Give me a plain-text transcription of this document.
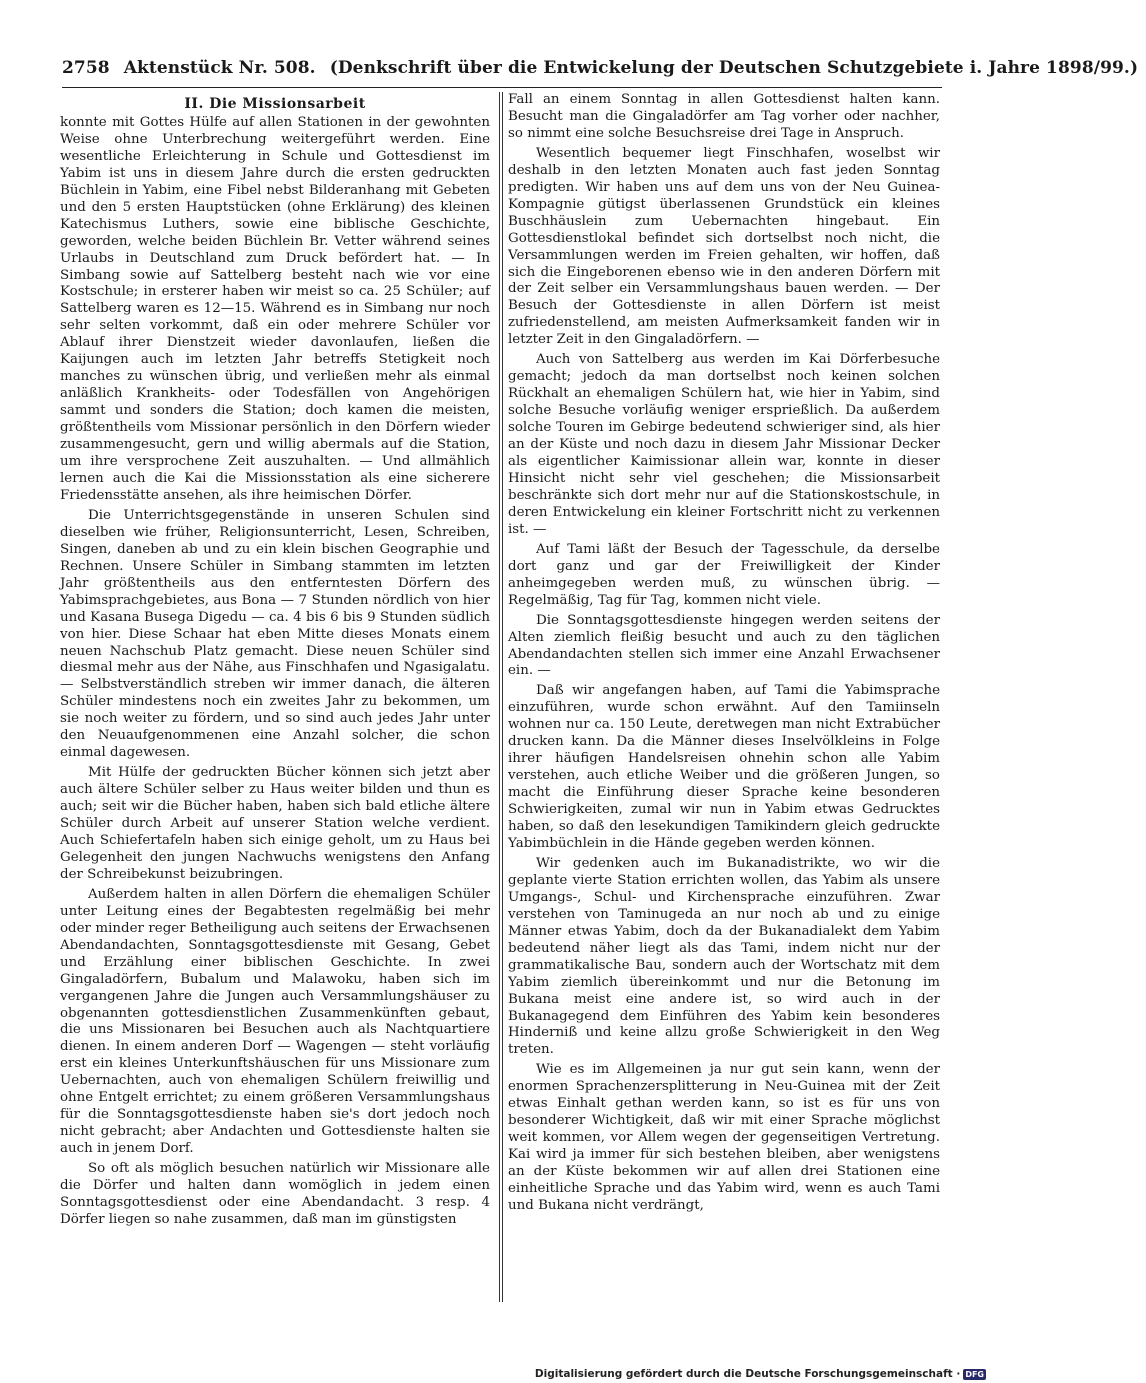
2758 Aktenstück Nr. 508. (Denkschrift über die Entwickelung der Deutschen Schutzgebiete i. Jahre 1898/99.)
II. Die Missionsarbeit

konnte mit Gottes Hülfe auf allen Stationen in der gewohnten Weise ohne Unterbrechung weitergeführt werden. Eine wesentliche Erleichterung in Schule und Gottesdienst im Yabim ist uns in diesem Jahre durch die ersten gedruckten Büchlein in Yabim, eine Fibel nebst Bilderanhang mit Gebeten und den 5 ersten Hauptstücken (ohne Erklärung) des kleinen Katechismus Luthers, sowie eine biblische Geschichte, geworden, welche beiden Büchlein Br. Vetter während seines Urlaubs in Deutschland zum Druck befördert hat. — In Simbang sowie auf Sattelberg besteht nach wie vor eine Kostschule; in ersterer haben wir meist so ca. 25 Schüler; auf Sattelberg waren es 12—15. Während es in Simbang nur noch sehr selten vorkommt, daß ein oder mehrere Schüler vor Ablauf ihrer Dienstzeit wieder davonlaufen, ließen die Kaijungen auch im letzten Jahr betreffs Stetigkeit noch manches zu wünschen übrig, und verließen mehr als einmal anläßlich Krankheits- oder Todesfällen von Angehörigen sammt und sonders die Station; doch kamen die meisten, größtentheils vom Missionar persönlich in den Dörfern wieder zusammengesucht, gern und willig abermals auf die Station, um ihre versprochene Zeit auszuhalten. — Und allmählich lernen auch die Kai die Missionsstation als eine sicherere Friedensstätte ansehen, als ihre heimischen Dörfer.

Die Unterrichtsgegenstände in unseren Schulen sind dieselben wie früher, Religionsunterricht, Lesen, Schreiben, Singen, daneben ab und zu ein klein bischen Geographie und Rechnen. Unsere Schüler in Simbang stammten im letzten Jahr größtentheils aus den entferntesten Dörfern des Yabimsprachgebietes, aus Bona — 7 Stunden nördlich von hier und Kasana Busega Digedu — ca. 4 bis 6 bis 9 Stunden südlich von hier. Diese Schaar hat eben Mitte dieses Monats einem neuen Nachschub Platz gemacht. Diese neuen Schüler sind diesmal mehr aus der Nähe, aus Finschhafen und Ngasigalatu. — Selbstverständlich streben wir immer danach, die älteren Schüler mindestens noch ein zweites Jahr zu bekommen, um sie noch weiter zu fördern, und so sind auch jedes Jahr unter den Neuaufgenommenen eine Anzahl solcher, die schon einmal dagewesen.

Mit Hülfe der gedruckten Bücher können sich jetzt aber auch ältere Schüler selber zu Haus weiter bilden und thun es auch; seit wir die Bücher haben, haben sich bald etliche ältere Schüler durch Arbeit auf unserer Station welche verdient. Auch Schiefertafeln haben sich einige geholt, um zu Haus bei Gelegenheit den jungen Nachwuchs wenigstens den Anfang der Schreibekunst beizubringen.

Außerdem halten in allen Dörfern die ehemaligen Schüler unter Leitung eines der Begabtesten regelmäßig bei mehr oder minder reger Betheiligung auch seitens der Erwachsenen Abendandachten, Sonntagsgottesdienste mit Gesang, Gebet und Erzählung einer biblischen Geschichte. In zwei Gingaladörfern, Bubalum und Malawoku, haben sich im vergangenen Jahre die Jungen auch Versammlungshäuser zu obgenannten gottesdienstlichen Zusammenkünften gebaut, die uns Missionaren bei Besuchen auch als Nachtquartiere dienen. In einem anderen Dorf — Wagengen — steht vorläufig erst ein kleines Unterkunftshäuschen für uns Missionare zum Uebernachten, auch von ehemaligen Schülern freiwillig und ohne Entgelt errichtet; zu einem größeren Versammlungshaus für die Sonntagsgottesdienste haben sie's dort jedoch noch nicht gebracht; aber Andachten und Gottesdienste halten sie auch in jenem Dorf.

So oft als möglich besuchen natürlich wir Missionare alle die Dörfer und halten dann womöglich in jedem einen Sonntagsgottesdienst oder eine Abendandacht. 3 resp. 4 Dörfer liegen so nahe zusammen, daß man im günstigsten

Fall an einem Sonntag in allen Gottesdienst halten kann. Besucht man die Gingaladörfer am Tag vorher oder nachher, so nimmt eine solche Besuchsreise drei Tage in Anspruch.

Wesentlich bequemer liegt Finschhafen, woselbst wir deshalb in den letzten Monaten auch fast jeden Sonntag predigten. Wir haben uns auf dem uns von der Neu Guinea-Kompagnie gütigst überlassenen Grundstück ein kleines Buschhäuslein zum Uebernachten hingebaut. Ein Gottesdienstlokal befindet sich dortselbst noch nicht, die Versammlungen werden im Freien gehalten, wir hoffen, daß sich die Eingeborenen ebenso wie in den anderen Dörfern mit der Zeit selber ein Versammlungshaus bauen werden. — Der Besuch der Gottesdienste in allen Dörfern ist meist zufriedenstellend, am meisten Aufmerksamkeit fanden wir in letzter Zeit in den Gingaladörfern. —

Auch von Sattelberg aus werden im Kai Dörferbesuche gemacht; jedoch da man dortselbst noch keinen solchen Rückhalt an ehemaligen Schülern hat, wie hier in Yabim, sind solche Besuche vorläufig weniger ersprießlich. Da außerdem solche Touren im Gebirge bedeutend schwieriger sind, als hier an der Küste und noch dazu in diesem Jahr Missionar Decker als eigentlicher Kaimissionar allein war, konnte in dieser Hinsicht nicht sehr viel geschehen; die Missionsarbeit beschränkte sich dort mehr nur auf die Stationskostschule, in deren Entwickelung ein kleiner Fortschritt nicht zu verkennen ist. —

Auf Tami läßt der Besuch der Tagesschule, da derselbe dort ganz und gar der Freiwilligkeit der Kinder anheimgegeben werden muß, zu wünschen übrig. — Regelmäßig, Tag für Tag, kommen nicht viele.

Die Sonntagsgottesdienste hingegen werden seitens der Alten ziemlich fleißig besucht und auch zu den täglichen Abendandachten stellen sich immer eine Anzahl Erwachsener ein. —

Daß wir angefangen haben, auf Tami die Yabimsprache einzuführen, wurde schon erwähnt. Auf den Tamiinseln wohnen nur ca. 150 Leute, deretwegen man nicht Extrabücher drucken kann. Da die Männer dieses Inselvölkleins in Folge ihrer häufigen Handelsreisen ohnehin schon alle Yabim verstehen, auch etliche Weiber und die größeren Jungen, so macht die Einführung dieser Sprache keine besonderen Schwierigkeiten, zumal wir nun in Yabim etwas Gedrucktes haben, so daß den lesekundigen Tamikindern gleich gedruckte Yabimbüchlein in die Hände gegeben werden können.

Wir gedenken auch im Bukanadistrikte, wo wir die geplante vierte Station errichten wollen, das Yabim als unsere Umgangs-, Schul- und Kirchensprache einzuführen. Zwar verstehen von Taminugeda an nur noch ab und zu einige Männer etwas Yabim, doch da der Bukanadialekt dem Yabim bedeutend näher liegt als das Tami, indem nicht nur der grammatikalische Bau, sondern auch der Wortschatz mit dem Yabim ziemlich übereinkommt und nur die Betonung im Bukana meist eine andere ist, so wird auch in der Bukanagegend dem Einführen des Yabim kein besonderes Hinderniß und keine allzu große Schwierigkeit in den Weg treten.

Wie es im Allgemeinen ja nur gut sein kann, wenn der enormen Sprachenzersplitterung in Neu-Guinea mit der Zeit etwas Einhalt gethan werden kann, so ist es für uns von besonderer Wichtigkeit, daß wir mit einer Sprache möglichst weit kommen, vor Allem wegen der gegenseitigen Vertretung. Kai wird ja immer für sich bestehen bleiben, aber wenigstens an der Küste bekommen wir auf allen drei Stationen eine einheitliche Sprache und das Yabim wird, wenn es auch Tami und Bukana nicht verdrängt,

Digitalisierung gefördert durch die Deutsche Forschungsgemeinschaft · DFG
